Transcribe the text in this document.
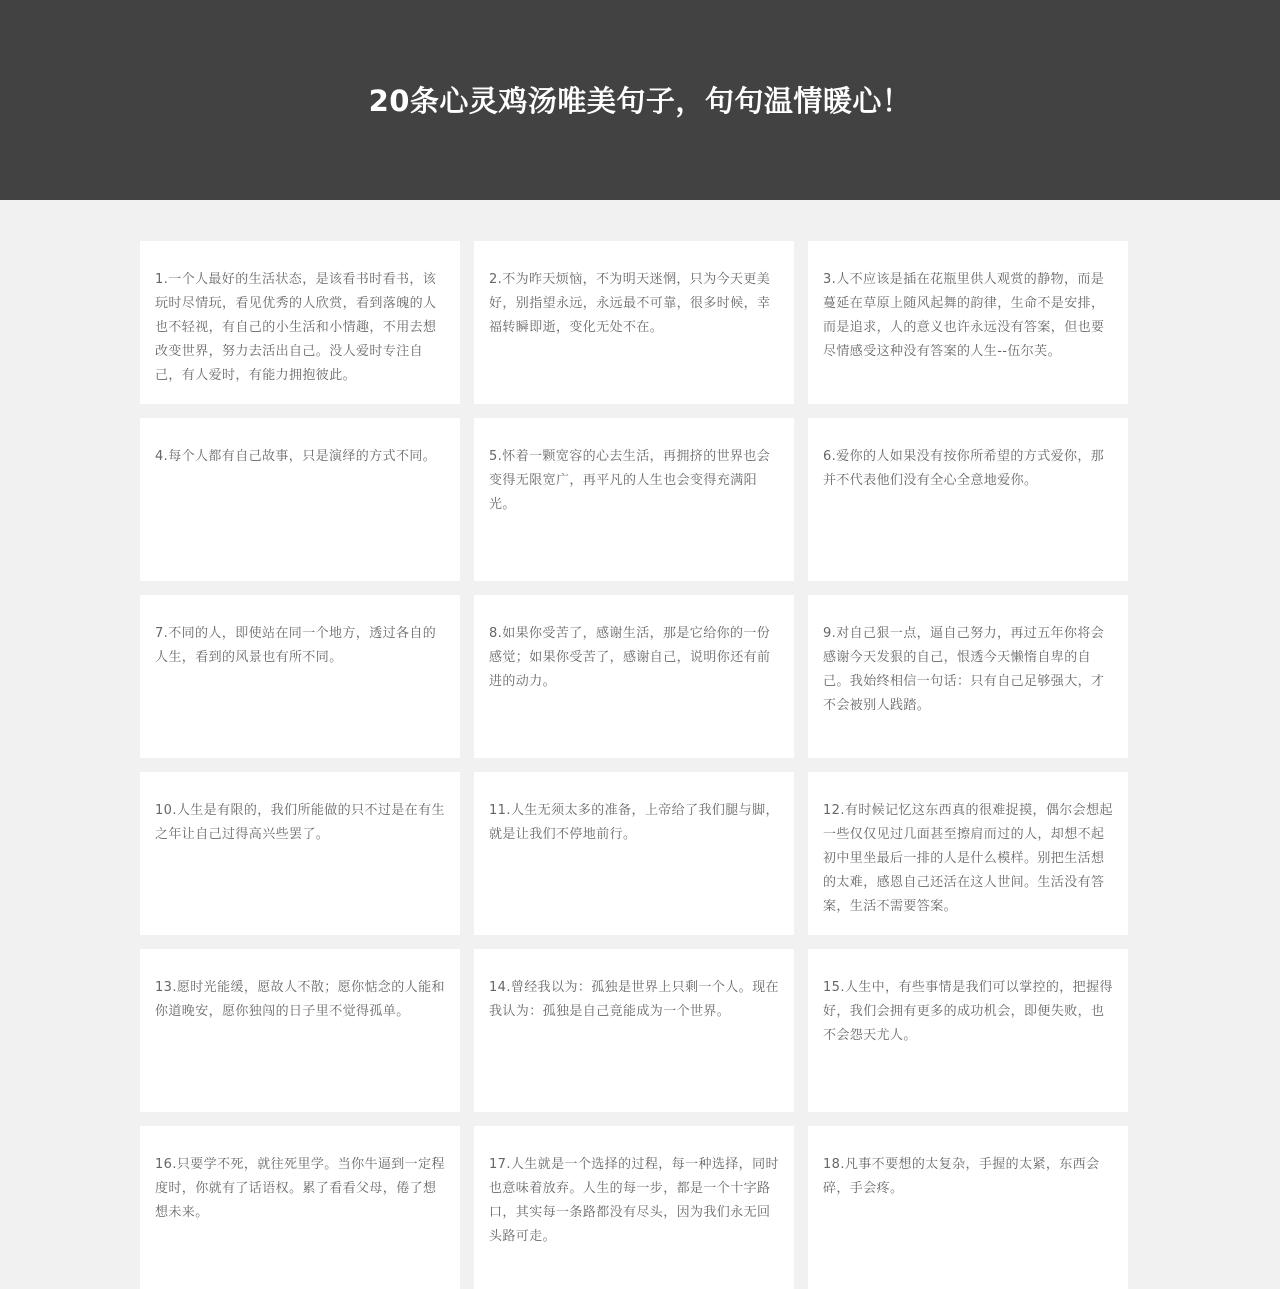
20条心灵鸡汤唯美句子，句句温情暖心！

1.一个人最好的生活状态，是该看书时看书，该玩时尽情玩，看见优秀的人欣赏，看到落魄的人也不轻视，有自己的小生活和小情趣，不用去想改变世界，努力去活出自己。没人爱时专注自己，有人爱时，有能力拥抱彼此。

2.不为昨天烦恼，不为明天迷惘，只为今天更美好，别指望永远，永远最不可靠，很多时候，幸福转瞬即逝，变化无处不在。

3.人不应该是插在花瓶里供人观赏的静物，而是蔓延在草原上随风起舞的韵律，生命不是安排，而是追求，人的意义也许永远没有答案，但也要尽情感受这种没有答案的人生--伍尔芙。

4.每个人都有自己故事，只是演绎的方式不同。	5.怀着一颗宽容的心去生活，再拥挤的世界也会变得无限宽广，再平凡的人生也会变得充满阳光。

6.爱你的人如果没有按你所希望的方式爱你，那并不代表他们没有全心全意地爱你。

7.不同的人，即使站在同一个地方，透过各自的人生，看到的风景也有所不同。

8.如果你受苦了，感谢生活，那是它给你的一份感觉；如果你受苦了，感谢自己，说明你还有前进的动力。

9.对自己狠一点，逼自己努力，再过五年你将会感谢今天发狠的自己，恨透今天懒惰自卑的自己。我始终相信一句话：只有自己足够强大，才不会被别人践踏。

10.人生是有限的，我们所能做的只不过是在有生之年让自己过得高兴些罢了。

11.人生无须太多的准备，上帝给了我们腿与脚，就是让我们不停地前行。

12.有时候记忆这东西真的很难捉摸，偶尔会想起一些仅仅见过几面甚至擦肩而过的人，却想不起初中里坐最后一排的人是什么模样。别把生活想的太难，感恩自己还活在这人世间。生活没有答案，生活不需要答案。

13.愿时光能缓，愿故人不散；愿你惦念的人能和你道晚安，愿你独闯的日子里不觉得孤单。

14.曾经我以为：孤独是世界上只剩一个人。现在我认为：孤独是自己竟能成为一个世界。

15.人生中，有些事情是我们可以掌控的，把握得好，我们会拥有更多的成功机会，即便失败，也不会怨天尤人。

16.只要学不死，就往死里学。当你牛逼到一定程度时，你就有了话语权。累了看看父母，倦了想想未来。

17.人生就是一个选择的过程，每一种选择，同时也意味着放弃。人生的每一步，都是一个十字路口，其实每一条路都没有尽头，因为我们永无回头路可走。

18.凡事不要想的太复杂，手握的太紧，东西会碎，手会疼。
